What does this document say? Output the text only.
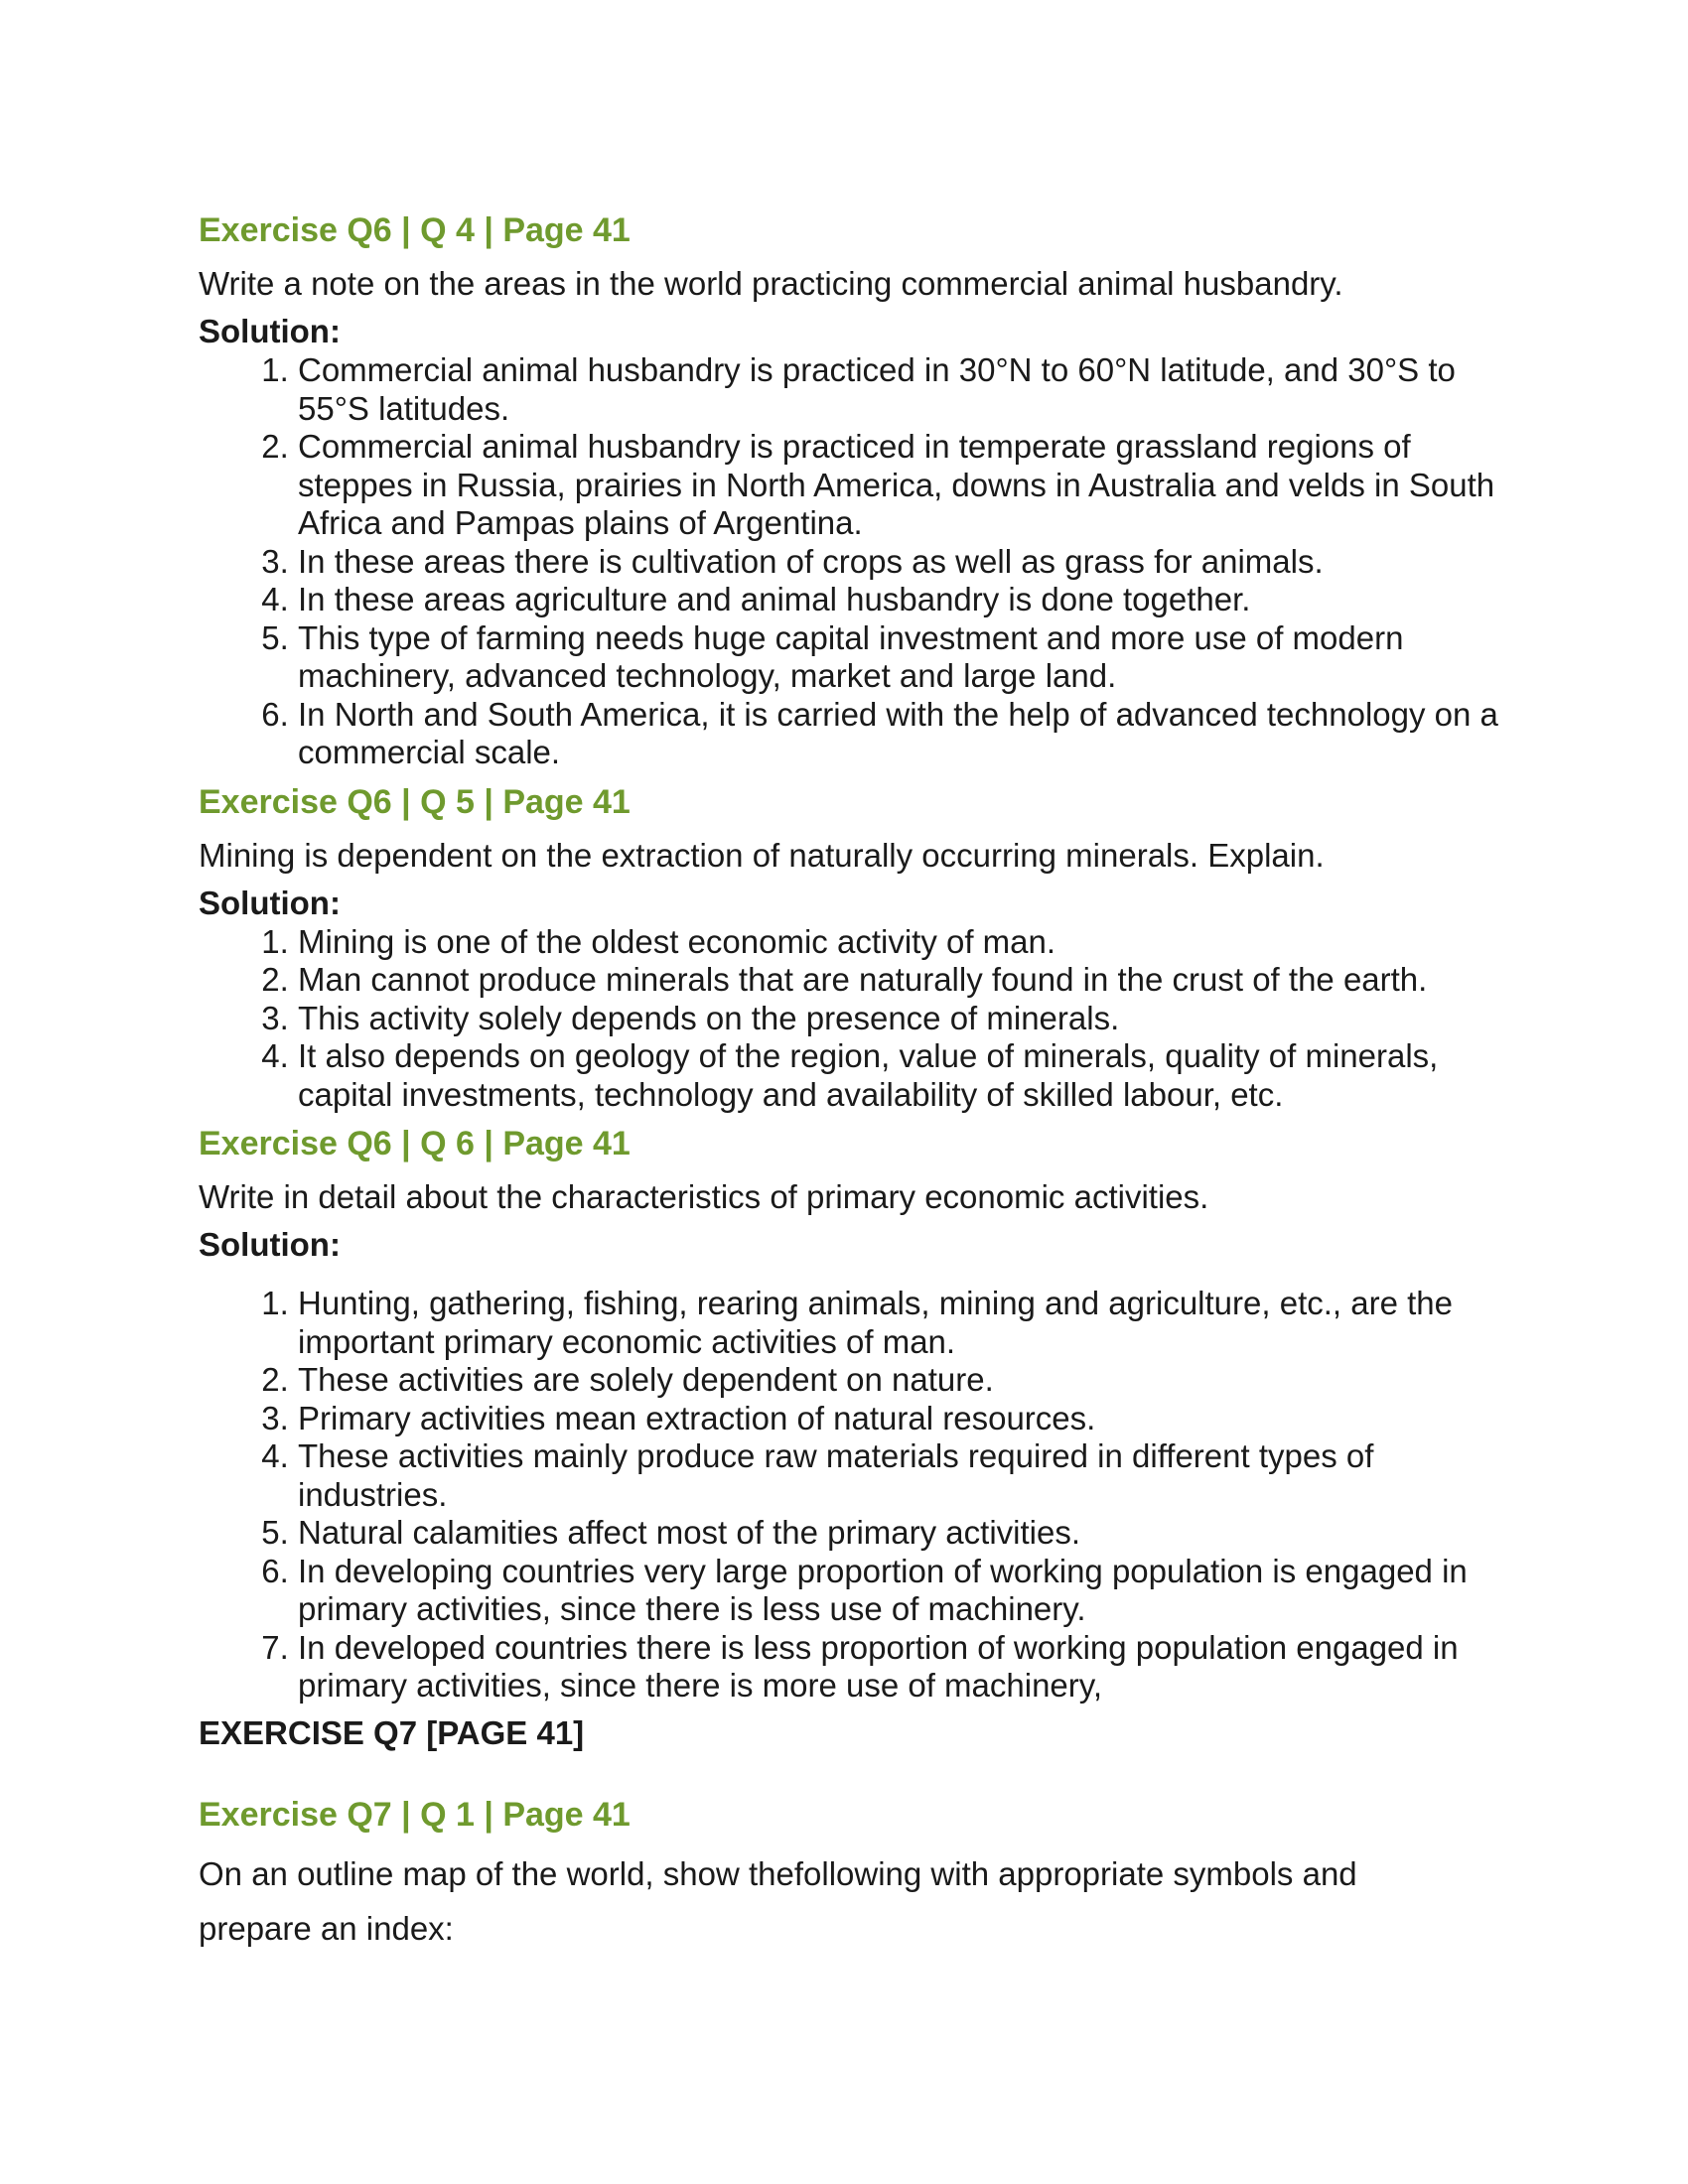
Exercise Q6 | Q 4 | Page 41

Write a note on the areas in the world practicing commercial animal husbandry.

Solution:

1. Commercial animal husbandry is practiced in 30°N to 60°N latitude, and 30°S to 55°S latitudes.
2. Commercial animal husbandry is practiced in temperate grassland regions of steppes in Russia, prairies in North America, downs in Australia and velds in South Africa and Pampas plains of Argentina.
3. In these areas there is cultivation of crops as well as grass for animals.
4. In these areas agriculture and animal husbandry is done together.
5. This type of farming needs huge capital investment and more use of modern machinery, advanced technology, market and large land.
6. In North and South America, it is carried with the help of advanced technology on a commercial scale.

Exercise Q6 | Q 5 | Page 41

Mining is dependent on the extraction of naturally occurring minerals. Explain.

Solution:

1. Mining is one of the oldest economic activity of man.
2. Man cannot produce minerals that are naturally found in the crust of the earth.
3. This activity solely depends on the presence of minerals.
4. It also depends on geology of the region, value of minerals, quality of minerals, capital investments, technology and availability of skilled labour, etc.

Exercise Q6 | Q 6 | Page 41

Write in detail about the characteristics of primary economic activities.

Solution:

1. Hunting, gathering, fishing, rearing animals, mining and agriculture, etc., are the important primary economic activities of man.
2. These activities are solely dependent on nature.
3. Primary activities mean extraction of natural resources.
4. These activities mainly produce raw materials required in different types of industries.
5. Natural calamities affect most of the primary activities.
6. In developing countries very large proportion of working population is engaged in primary activities, since there is less use of machinery.
7. In developed countries there is less proportion of working population engaged in primary activities, since there is more use of machinery,

EXERCISE Q7 [PAGE 41]

Exercise Q7 | Q 1 | Page 41

On an outline map of the world, show thefollowing with appropriate symbols and
prepare an index:
